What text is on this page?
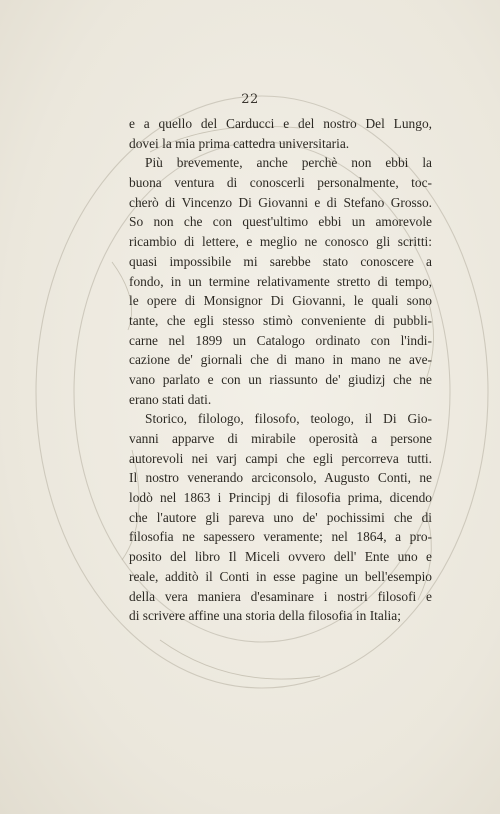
22
e a quello del Carducci e del nostro Del Lungo,
dovei la mia prima cattedra universitaria.
Più brevemente, anche perchè non ebbi la
buona ventura di conoscerli personalmente, toc-
cherò di Vincenzo Di Giovanni e di Stefano Grosso.
So non che con quest'ultimo ebbi un amorevole
ricambio di lettere, e meglio ne conosco gli scritti:
quasi impossibile mi sarebbe stato conoscere a
fondo, in un termine relativamente stretto di tempo,
le opere di Monsignor Di Giovanni, le quali sono
tante, che egli stesso stimò conveniente di pubbli-
carne nel 1899 un Catalogo ordinato con l'indi-
cazione de' giornali che di mano in mano ne ave-
vano parlato e con un riassunto de' giudizj che ne
erano stati dati.
Storico, filologo, filosofo, teologo, il Di Gio-
vanni apparve di mirabile operosità a persone
autorevoli nei varj campi che egli percorreva tutti.
Il nostro venerando arciconsolo, Augusto Conti, ne
lodò nel 1863 i Principj di filosofia prima, dicendo
che l'autore gli pareva uno de' pochissimi che di
filosofia ne sapessero veramente; nel 1864, a pro-
posito del libro Il Miceli ovvero dell' Ente uno e
reale, additò il Conti in esse pagine un bell'esempio
della vera maniera d'esaminare i nostri filosofi e
di scrivere affine una storia della filosofia in Italia;
